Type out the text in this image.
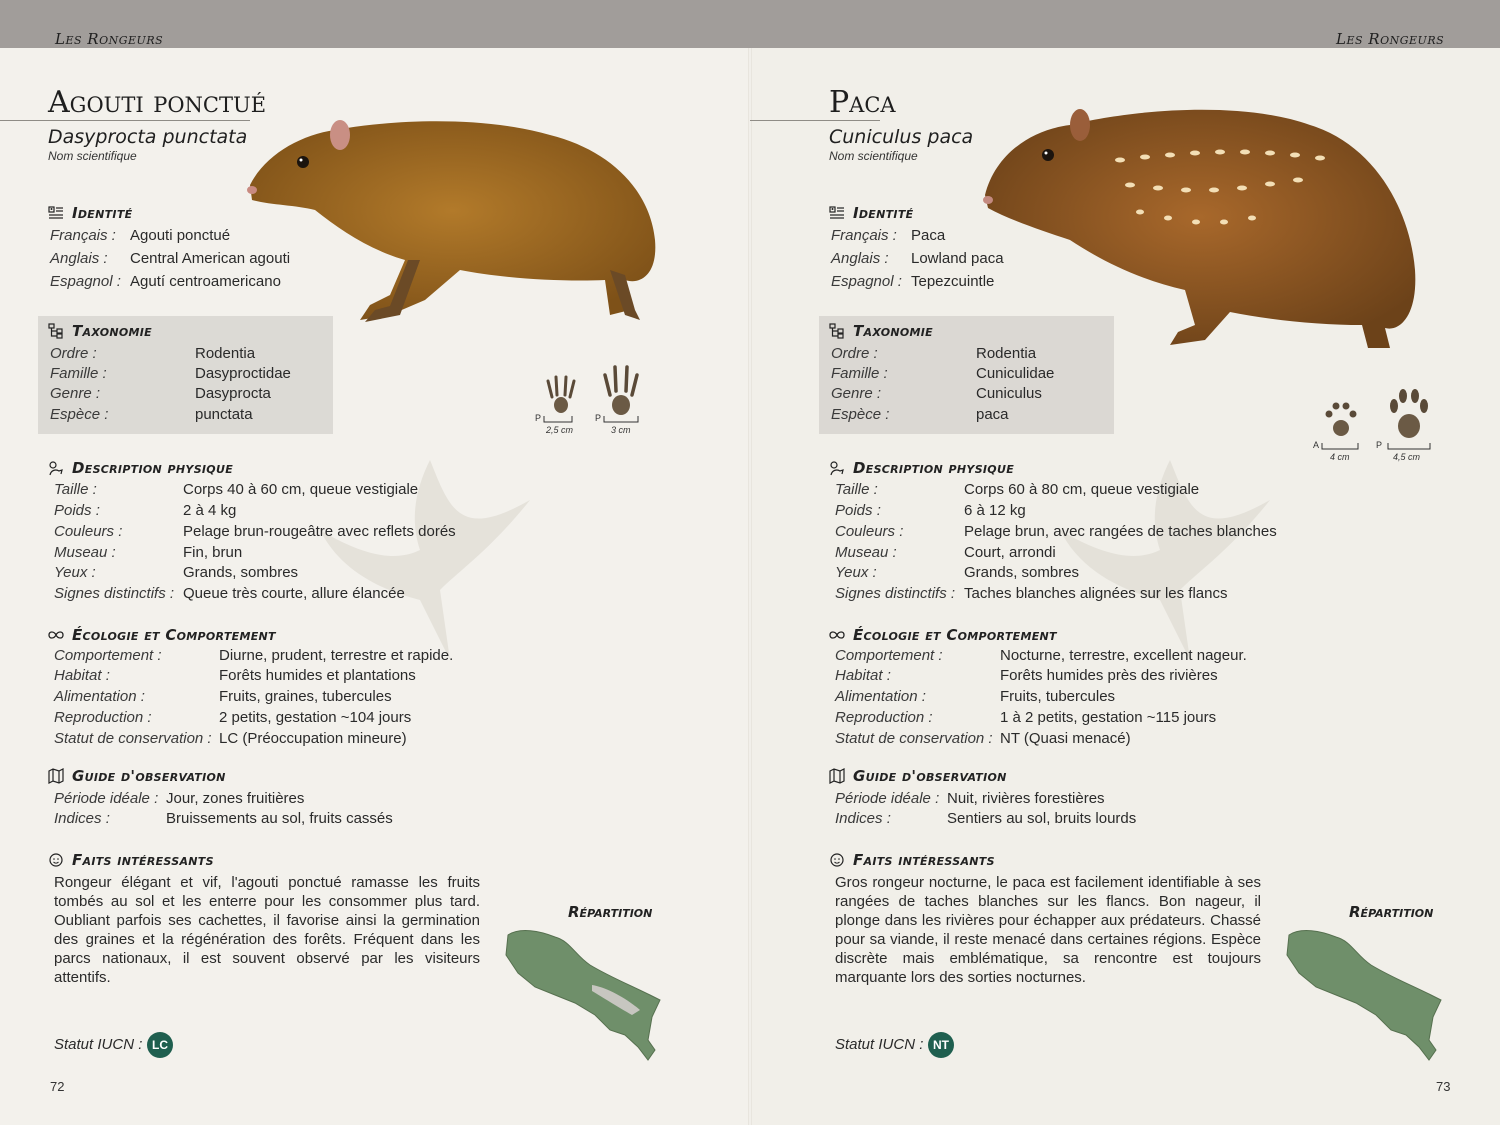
Les Rongeurs	Les Rongeurs
Agouti ponctué
Dasyprocta punctata
Nom scientifique
Identité
Français : Agouti ponctué
Anglais : Central American agouti
Espagnol : Agutí centroamericano
Taxonomie
Ordre :	Rodentia
Famille :	Dasyproctidae
Genre :	Dasyprocta
Espèce :	punctata	P	P
2,5 cm	3 cm
Description physique
Taille :	Corps 40 à 60 cm, queue vestigiale
Poids :	2 à 4 kg
Couleurs :	Pelage brun-rougeâtre avec reflets dorés
Museau :	Fin, brun
Yeux :	Grands, sombres
Signes distinctifs : Queue très courte, allure élancée
Écologie et Comportement
Comportement :	Diurne, prudent, terrestre et rapide.
Habitat :	Forêts humides et plantations
Alimentation :	Fruits, graines, tubercules
Reproduction :	2 petits, gestation ~104 jours
Statut de conservation : LC (Préoccupation mineure)
Guide d'observation
Période idéale : Jour, zones fruitières
Indices :	Bruissements au sol, fruits cassés
Faits intéressants
Rongeur élégant et vif, l'agouti ponctué ramasse les fruits tombés au sol et les enterre pour les consommer plus tard. Oubliant parfois ses cachettes, il favorise ainsi la germination des graines et la régénération des forêts. Fréquent dans les parcs nationaux, il est souvent observé par les visiteurs attentifs.
Répartition
Statut IUCN : LC
72
Paca
Cuniculus paca
Nom scientifique
Identité
Français : Paca
Anglais : Lowland paca
Espagnol : Tepezcuintle
Taxonomie
Ordre :	Rodentia
Famille :	Cuniculidae
Genre :	Cuniculus
Espèce :	paca
A	P
4 cm	4,5 cm
Description physique
Taille :	Corps 60 à 80 cm, queue vestigiale
Poids :	6 à 12 kg
Couleurs :	Pelage brun, avec rangées de taches blanches
Museau :	Court, arrondi
Yeux :	Grands, sombres
Signes distinctifs : Taches blanches alignées sur les flancs
Écologie et Comportement
Comportement :	Nocturne, terrestre, excellent nageur.
Habitat :	Forêts humides près des rivières
Alimentation :	Fruits, tubercules
Reproduction :	1 à 2 petits, gestation ~115 jours
Statut de conservation : NT (Quasi menacé)
Guide d'observation
Période idéale : Nuit, rivières forestières
Indices :	Sentiers au sol, bruits lourds
Faits intéressants
Gros rongeur nocturne, le paca est facilement identifiable à ses rangées de taches blanches sur les flancs. Bon nageur, il plonge dans les rivières pour échapper aux prédateurs. Chassé pour sa viande, il reste menacé dans certaines régions. Espèce discrète mais emblématique, sa rencontre est toujours marquante lors des sorties nocturnes.
Répartition
Statut IUCN : NT
73
